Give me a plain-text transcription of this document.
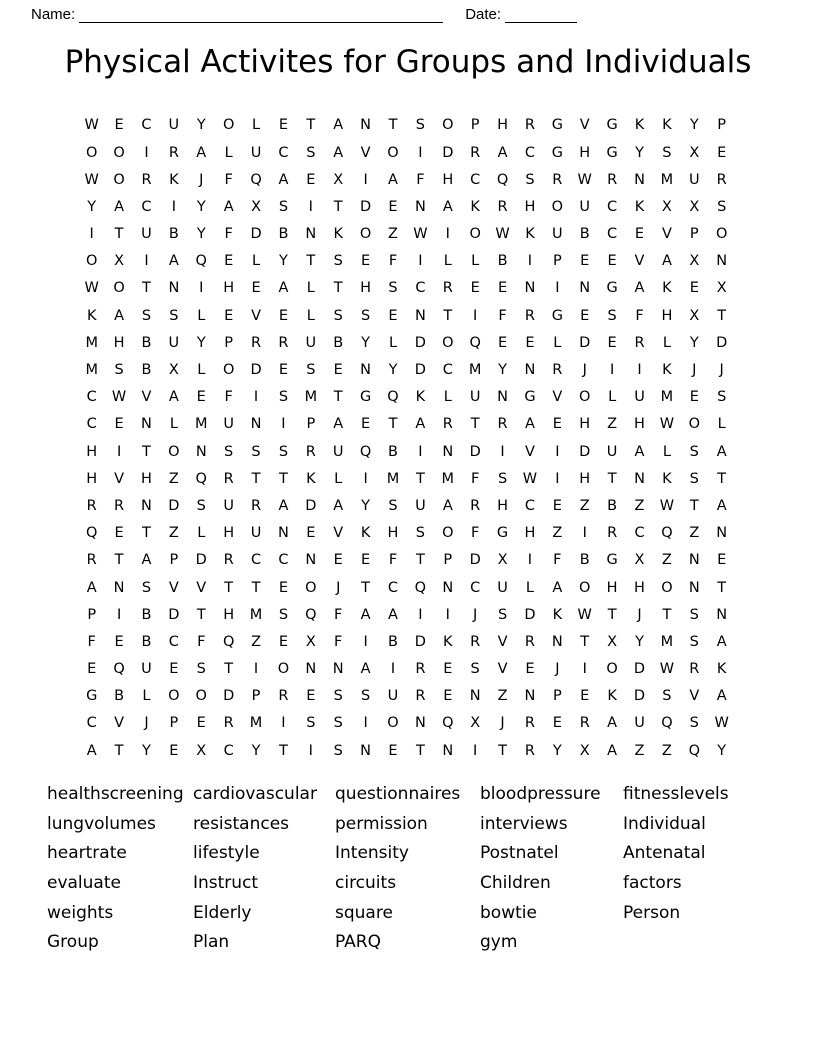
Name:	Date:
Physical Activites for Groups and Individuals
W	E	C	U	Y	O	L	E	T	A	N	T	S	O	P	H	R	G	V	G	K	K	Y	P
O	O	I	R	A	L	U	C	S	A	V	O	I	D	R	A	C	G	H	G	Y	S	X	E
W	O	R	K	J	F	Q	A	E	X	I	A	F	H	C	Q	S	R	W	R	N	M	U	R
Y	A	C	I	Y	A	X	S	I	T	D	E	N	A	K	R	H	O	U	C	K	X	X	S
I	T	U	B	Y	F	D	B	N	K	O	Z	W	I	O	W	K	U	B	C	E	V	P	O
O	X	I	A	Q	E	L	Y	T	S	E	F	I	L	L	B	I	P	E	E	V	A	X	N
W	O	T	N	I	H	E	A	L	T	H	S	C	R	E	E	N	I	N	G	A	K	E	X
K	A	S	S	L	E	V	E	L	S	S	E	N	T	I	F	R	G	E	S	F	H	X	T
M	H	B	U	Y	P	R	R	U	B	Y	L	D	O	Q	E	E	L	D	E	R	L	Y	D
M	S	B	X	L	O	D	E	S	E	N	Y	D	C	M	Y	N	R	J	I	I	K	J	J
C	W	V	A	E	F	I	S	M	T	G	Q	K	L	U	N	G	V	O	L	U	M	E	S
C	E	N	L	M	U	N	I	P	A	E	T	A	R	T	R	A	E	H	Z	H	W	O	L
H	I	T	O	N	S	S	S	R	U	Q	B	I	N	D	I	V	I	D	U	A	L	S	A
H	V	H	Z	Q	R	T	T	K	L	I	M	T	M	F	S	W	I	H	T	N	K	S	T
R	R	N	D	S	U	R	A	D	A	Y	S	U	A	R	H	C	E	Z	B	Z	W	T	A
Q	E	T	Z	L	H	U	N	E	V	K	H	S	O	F	G	H	Z	I	R	C	Q	Z	N
R	T	A	P	D	R	C	C	N	E	E	F	T	P	D	X	I	F	B	G	X	Z	N	E
A	N	S	V	V	T	T	E	O	J	T	C	Q	N	C	U	L	A	O	H	H	O	N	T
P	I	B	D	T	H	M	S	Q	F	A	A	I	I	J	S	D	K	W	T	J	T	S	N
F	E	B	C	F	Q	Z	E	X	F	I	B	D	K	R	V	R	N	T	X	Y	M	S	A
E	Q	U	E	S	T	I	O	N	N	A	I	R	E	S	V	E	J	I	O	D	W	R	K
G	B	L	O	O	D	P	R	E	S	S	U	R	E	N	Z	N	P	E	K	D	S	V	A
C	V	J	P	E	R	M	I	S	S	I	O	N	Q	X	J	R	E	R	A	U	Q	S	W
A	T	Y	E	X	C	Y	T	I	S	N	E	T	N	I	T	R	Y	X	A	Z	Z	Q	Y
healthscreening cardiovascular	questionnaires	bloodpressure	fitnesslevels
lungvolumes	resistances	permission	interviews	Individual
heartrate	lifestyle	Intensity	Postnatel	Antenatal
evaluate	Instruct	circuits	Children	factors
weights	Elderly	square	bowtie	Person
Group	Plan	PARQ	gym
